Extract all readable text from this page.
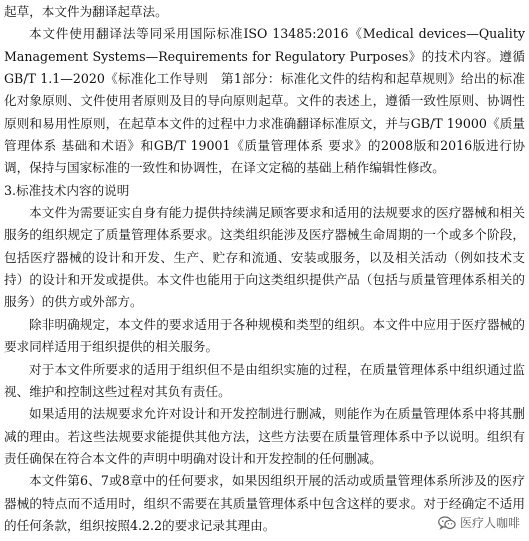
起草，本文件为翻译起草法。

本文件使用翻译法等同采用国际标准ISO 13485:2016《Medical devices—Quality Management Systems—Requirements for Regulatory Purposes》的技术内容。遵循GB/T 1.1—2020《标准化工作导则　第1部分：标准化文件的结构和起草规则》给出的标准化对象原则、文件使用者原则及目的导向原则起草。文件的表述上，遵循一致性原则、协调性原则和易用性原则，在起草本文件的过程中力求准确翻译标准原文，并与GB/T 19000《质量管理体系 基础和术语》和GB/T 19001《质量管理体系 要求》的2008版和2016版进行协调，保持与国家标准的一致性和协调性，在译文定稿的基础上稍作编辑性修改。

3.标准技术内容的说明

本文件为需要证实自身有能力提供持续满足顾客要求和适用的法规要求的医疗器械和相关服务的组织规定了质量管理体系要求。这类组织能涉及医疗器械生命周期的一个或多个阶段，包括医疗器械的设计和开发、生产、贮存和流通、安装或服务，以及相关活动（例如技术支持）的设计和开发或提供。本文件也能用于向这类组织提供产品（包括与质量管理体系相关的服务）的供方或外部方。

除非明确规定，本文件的要求适用于各种规模和类型的组织。本文件中应用于医疗器械的要求同样适用于组织提供的相关服务。

对于本文件所要求的适用于组织但不是由组织实施的过程，在质量管理体系中组织通过监视、维护和控制这些过程对其负有责任。

如果适用的法规要求允许对设计和开发控制进行删减，则能作为在质量管理体系中将其删减的理由。若这些法规要求能提供其他方法，这些方法要在质量管理体系中予以说明。组织有责任确保在符合本文件的声明中明确对设计和开发控制的任何删减。

本文件第6、7或8章中的任何要求，如果因组织开展的活动或质量管理体系所涉及的医疗器械的特点而不适用时，组织不需要在其质量管理体系中包含这样的要求。对于经确定不适用的任何条款，组织按照4.2.2的要求记录其理由。	医疗人咖啡
